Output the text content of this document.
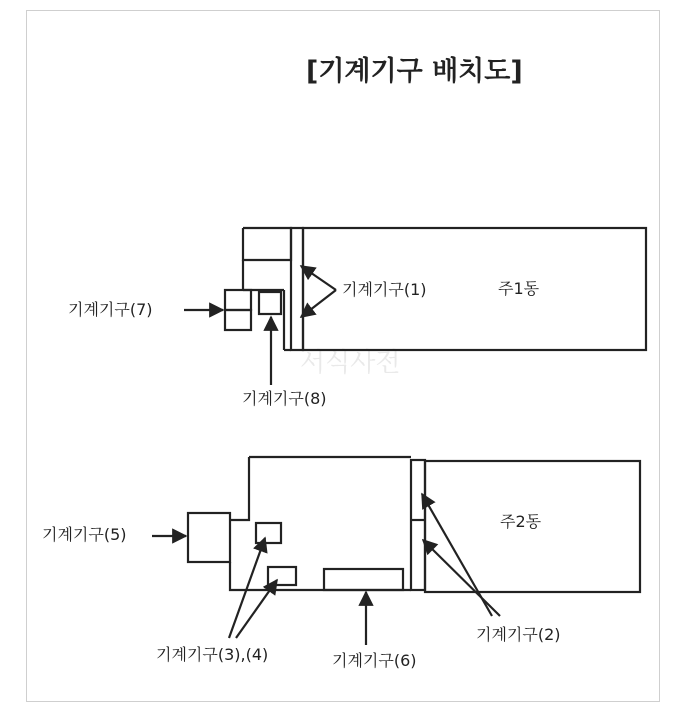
[기계기구 배치도]
서식사전
주1동
기계기구(7)
기계기구(8)
기계기구(1)
주2동
기계기구(5)
기계기구(3),(4)	기계기구(6)
기계기구(2)
